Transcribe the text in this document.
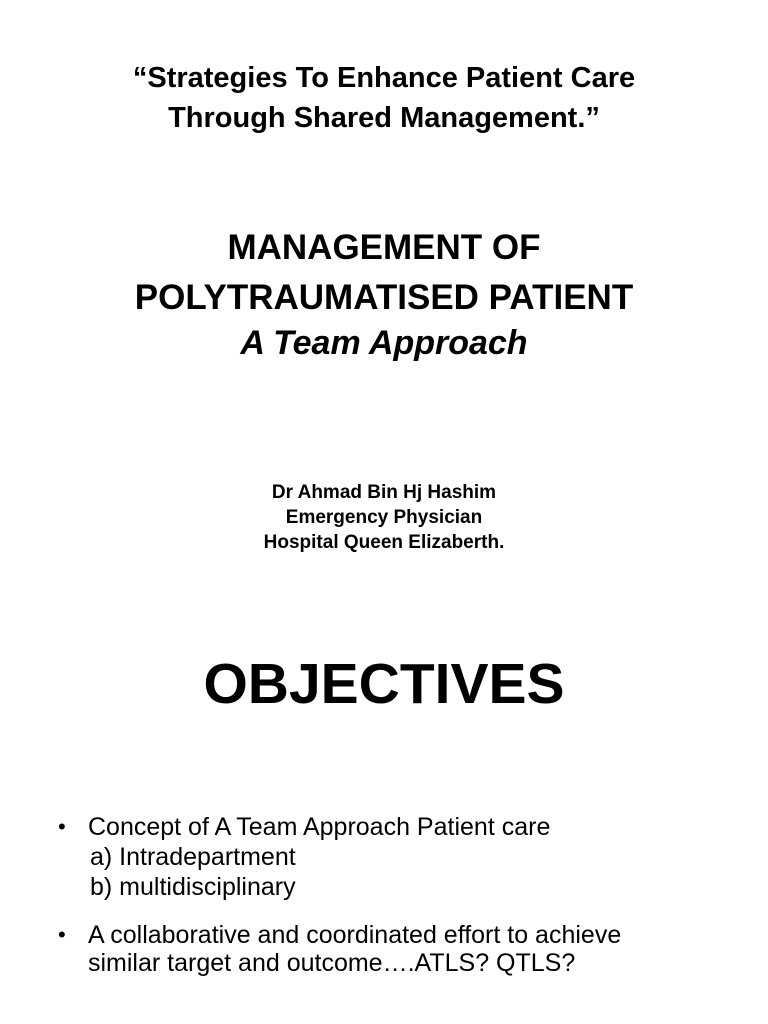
“Strategies To Enhance Patient Care
Through Shared Management.”
MANAGEMENT OF
POLYTRAUMATISED PATIENT
A Team Approach
Dr Ahmad Bin Hj Hashim
Emergency Physician
Hospital Queen Elizaberth.
OBJECTIVES
• Concept of A Team Approach Patient care
a) Intradepartment
b) multidisciplinary
• A collaborative and coordinated effort to achieve
similar target and outcome….ATLS? QTLS?
